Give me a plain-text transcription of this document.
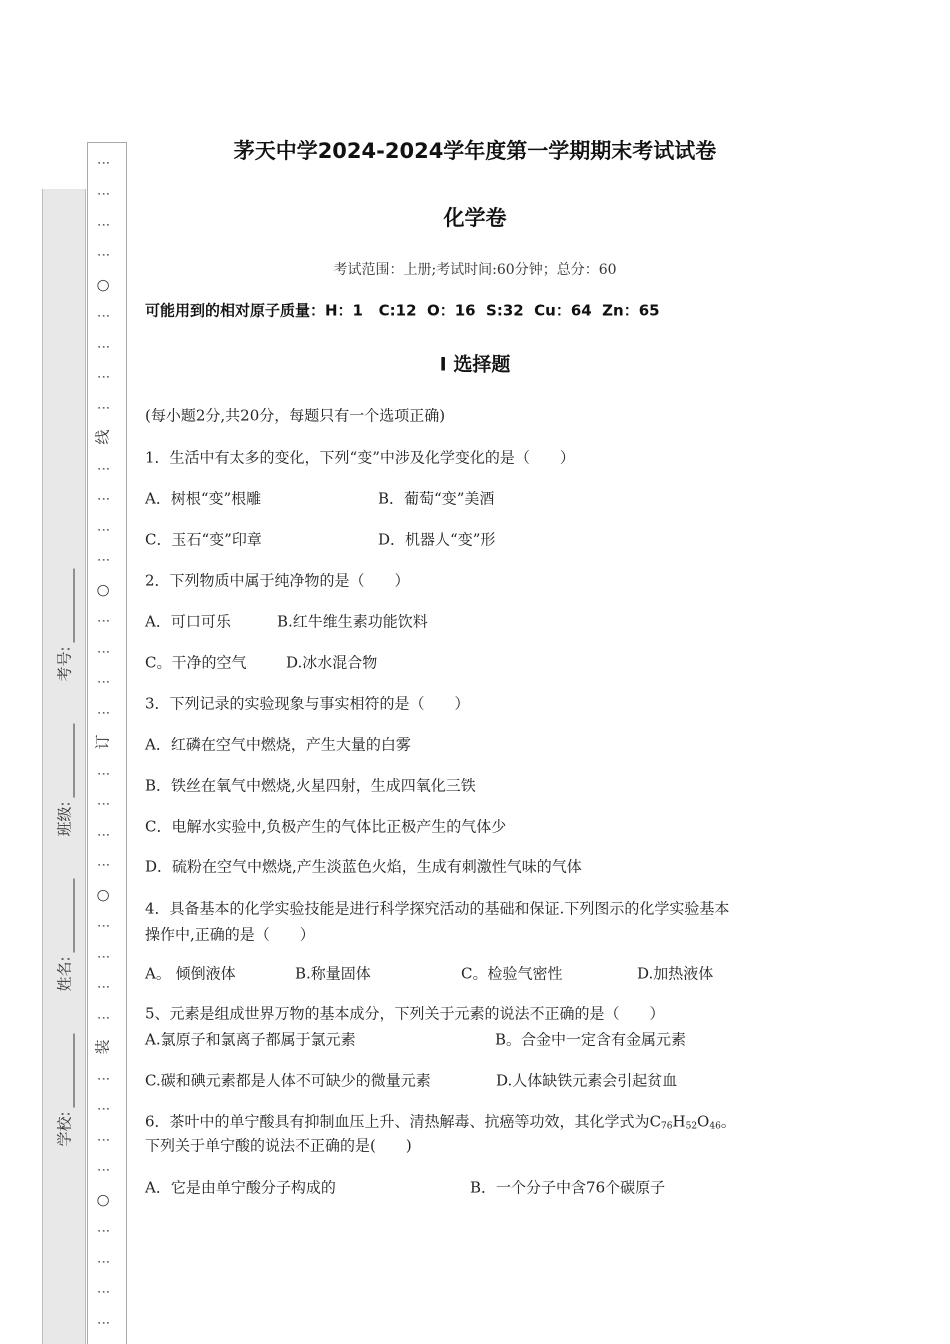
学校:
姓名:
班级:
考号:
⋮
⋮
⋮
⋮
○
⋮
⋮
⋮
⋮
线
⋮
⋮
⋮
⋮
○
⋮
⋮
⋮
⋮
订
⋮
⋮
⋮
⋮
○
⋮
⋮
⋮
⋮
装
⋮
⋮
⋮
⋮
○
⋮
⋮
⋮
⋮
茅天中学2024-2024学年度第一学期期末考试试卷
化学卷
考试范围：上册;考试时间:60分钟；总分：60
可能用到的相对原子质量：H：1   C:12  O：16  S:32  Cu：64  Zn：65
I 选择题
(每小题2分,共20分，每题只有一个选项正确)
1．生活中有太多的变化，下列“变”中涉及化学变化的是（　　）
A．树根“变”根雕	B．葡萄“变”美酒
C．玉石“变”印章	D．机器人“变”形
2．下列物质中属于纯净物的是（　　）
A．可口可乐	B.红牛维生素功能饮料
C。干净的空气	D.冰水混合物
3．下列记录的实验现象与事实相符的是（　　）
A．红磷在空气中燃烧，产生大量的白雾
B．铁丝在氧气中燃烧,火星四射，生成四氧化三铁
C．电解水实验中,负极产生的气体比正极产生的气体少
D．硫粉在空气中燃烧,产生淡蓝色火焰，生成有刺激性气味的气体
4．具备基本的化学实验技能是进行科学探究活动的基础和保证.下列图示的化学实验基本
操作中,正确的是（　　）
A。 倾倒液体	B.称量固体	C。检验气密性	D.加热液体
5、元素是组成世界万物的基本成分，下列关于元素的说法不正确的是（　　）
A.氯原子和氯离子都属于氯元素	B。合金中一定含有金属元素
C.碳和碘元素都是人体不可缺少的微量元素	D.人体缺铁元素会引起贫血
6．茶叶中的单宁酸具有抑制血压上升、清热解毒、抗癌等功效，其化学式为$C_{76}H_{52}O_{46}$。
下列关于单宁酸的说法不正确的是(　　)
A．它是由单宁酸分子构成的	B．一个分子中含76个碳原子
